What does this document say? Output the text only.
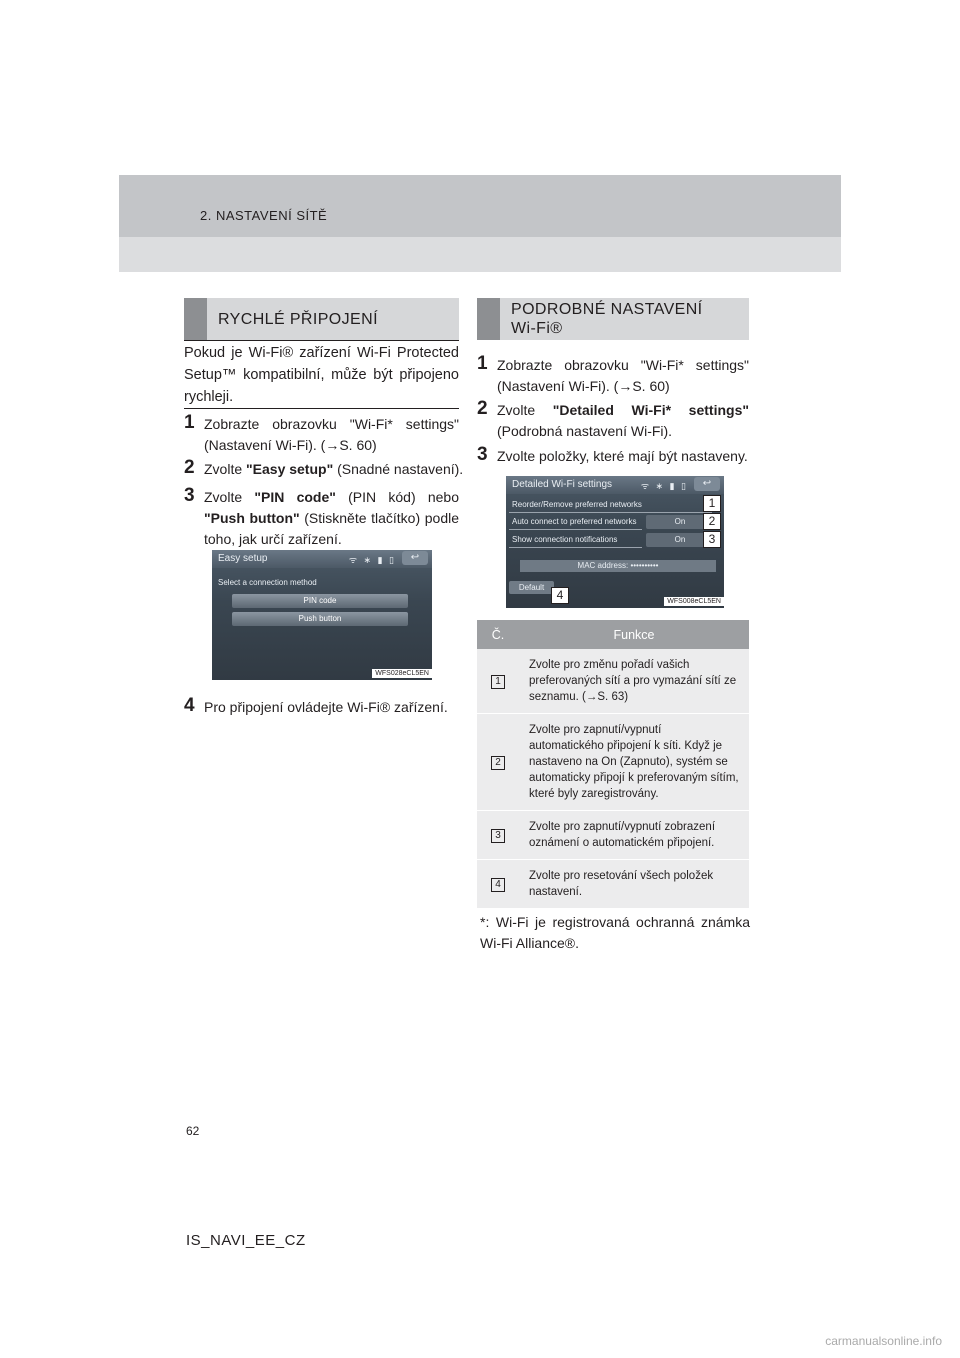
2. NASTAVENÍ SÍTĚ
RYCHLÉ PŘIPOJENÍ
Pokud je Wi-Fi® zařízení Wi-Fi Protected Setup™ kompatibilní, může být připojeno rychleji.
1 Zobrazte obrazovku "Wi-Fi* settings" (Nastavení Wi-Fi). (→S. 60)
2 Zvolte "Easy setup" (Snadné nastavení).
3 Zvolte "PIN code" (PIN kód) nebo "Push button" (Stiskněte tlačítko) podle toho, jak určí zařízení.
Easy setup	ᯤ ∗ ▮ ▯	↩
Select a connection method
PIN code
Push button
WFS028eCL5EN
4 Pro připojení ovládejte Wi-Fi® zařízení.
PODROBNÉ NASTAVENÍ
Wi-Fi®
1 Zobrazte obrazovku "Wi-Fi* settings" (Nastavení Wi-Fi). (→S. 60)
2 Zvolte "Detailed Wi-Fi* settings" (Podrobná nastavení Wi-Fi).
3 Zvolte položky, které mají být nastaveny.
Detailed Wi-Fi settings	ᯤ ∗ ▮ ▯	↩
Reorder/Remove preferred networks
Auto connect to preferred networks	On
Show connection notifications	On
MAC address: ••••••••••
Default
WFS008eCL5EN
1
2
3
4
Č.	Funkce
1	Zvolte pro změnu pořadí vašich preferovaných sítí a pro vymazání sítí ze seznamu. (→S. 63)
2	Zvolte pro zapnutí/vypnutí automatického připojení k síti. Když je nastaveno na On (Zapnuto), systém se automaticky připojí k preferovaným sítím, které byly zaregistrovány.
3	Zvolte pro zapnutí/vypnutí zobrazení oznámení o automatickém připojení.
4	Zvolte pro resetování všech položek nastavení.
*: Wi-Fi je registrovaná ochranná známka Wi-Fi Alliance®.
62
IS_NAVI_EE_CZ
carmanualsonline.info
